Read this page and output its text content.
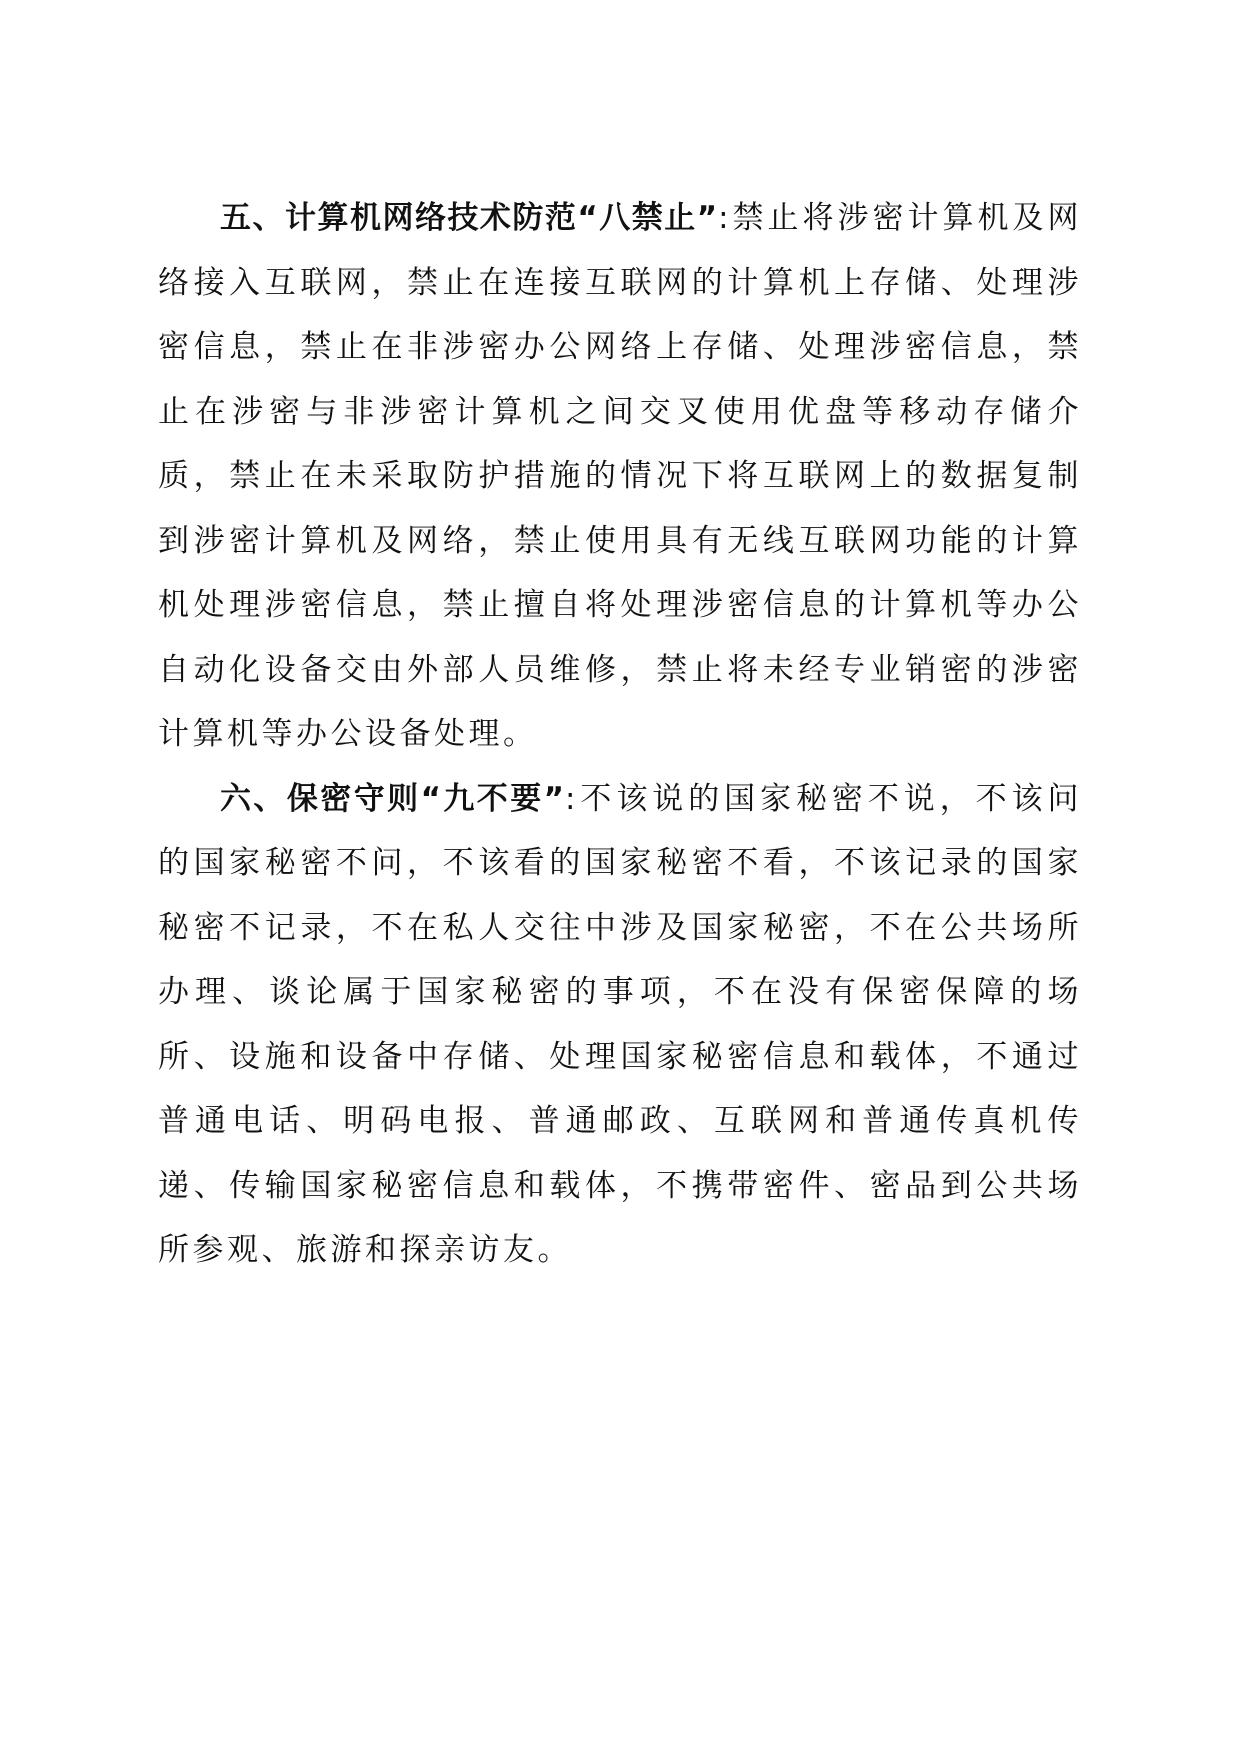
五、计算机网络技术防范“八禁止”:禁止将涉密计算机及网络接入互联网，禁止在连接互联网的计算机上存储、处理涉密信息，禁止在非涉密办公网络上存储、处理涉密信息，禁止在涉密与非涉密计算机之间交叉使用优盘等移动存储介质，禁止在未采取防护措施的情况下将互联网上的数据复制到涉密计算机及网络，禁止使用具有无线互联网功能的计算机处理涉密信息，禁止擅自将处理涉密信息的计算机等办公自动化设备交由外部人员维修，禁止将未经专业销密的涉密计算机等办公设备处理。

六、保密守则“九不要”:不该说的国家秘密不说，不该问的国家秘密不问，不该看的国家秘密不看，不该记录的国家秘密不记录，不在私人交往中涉及国家秘密，不在公共场所办理、谈论属于国家秘密的事项，不在没有保密保障的场所、设施和设备中存储、处理国家秘密信息和载体，不通过普通电话、明码电报、普通邮政、互联网和普通传真机传递、传输国家秘密信息和载体，不携带密件、密品到公共场所参观、旅游和探亲访友。
